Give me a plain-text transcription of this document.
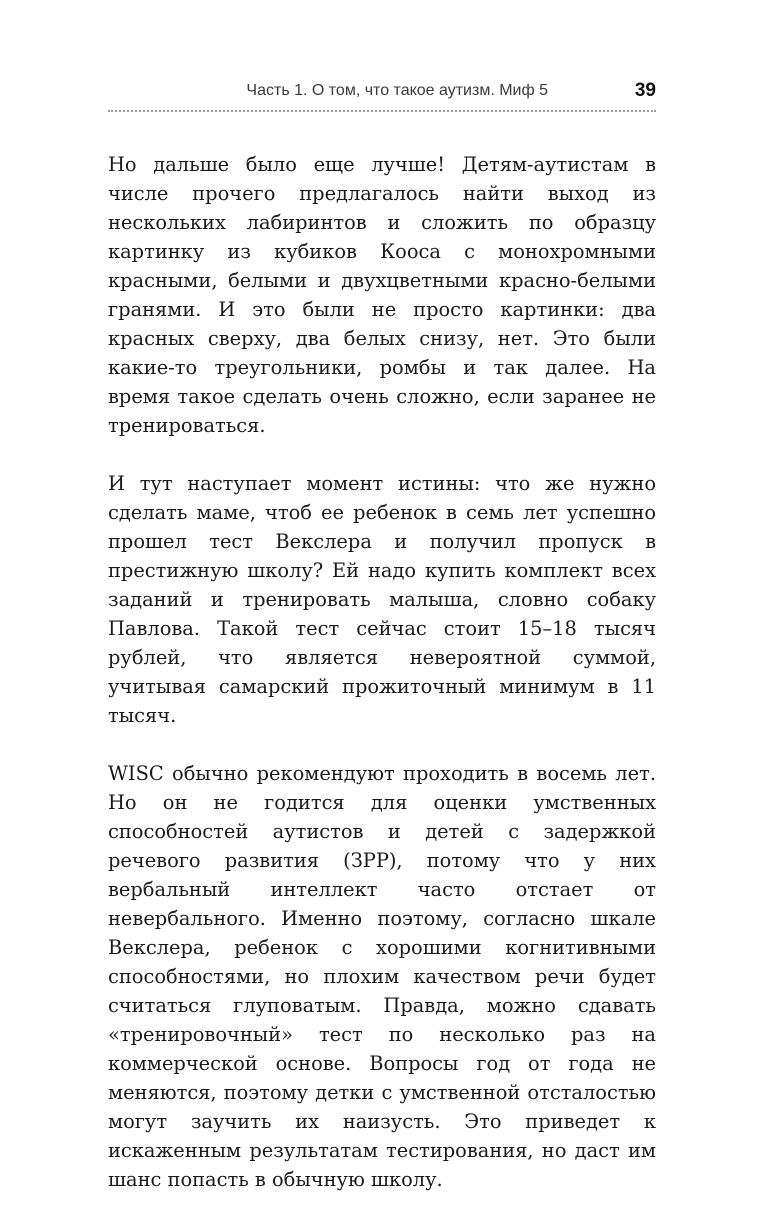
Часть 1. О том, что такое аутизм. Миф 5	39

Но дальше было еще лучше! Детям-аутистам в числе прочего предлагалось найти выход из нескольких лабиринтов и сложить по образцу картинку из кубиков Кооса с монохромными красными, белыми и двухцветными красно-белыми гранями. И это были не просто картинки: два красных сверху, два белых снизу, нет. Это были какие-то треугольники, ромбы и так далее. На время такое сделать очень сложно, если заранее не тренироваться.

И тут наступает момент истины: что же нужно сделать маме, чтоб ее ребенок в семь лет успешно прошел тест Векслера и получил пропуск в престижную школу? Ей надо купить комплект всех заданий и тренировать малыша, словно собаку Павлова. Такой тест сейчас стоит 15–18 тысяч рублей, что является невероятной суммой, учитывая самарский прожиточный минимум в 11 тысяч.

WISC обычно рекомендуют проходить в восемь лет. Но он не годится для оценки умственных способностей аутистов и детей с задержкой речевого развития (ЗРР), потому что у них вербальный интеллект часто отстает от невербального. Именно поэтому, согласно шкале Векслера, ребенок с хорошими когнитивными способностями, но плохим качеством речи будет считаться глуповатым. Правда, можно сдавать «тренировочный» тест по несколько раз на коммерческой основе. Вопросы год от года не меняются, поэтому детки с умственной отсталостью могут заучить их наизусть. Это приведет к искаженным результатам тестирования, но даст им шанс попасть в обычную школу.
